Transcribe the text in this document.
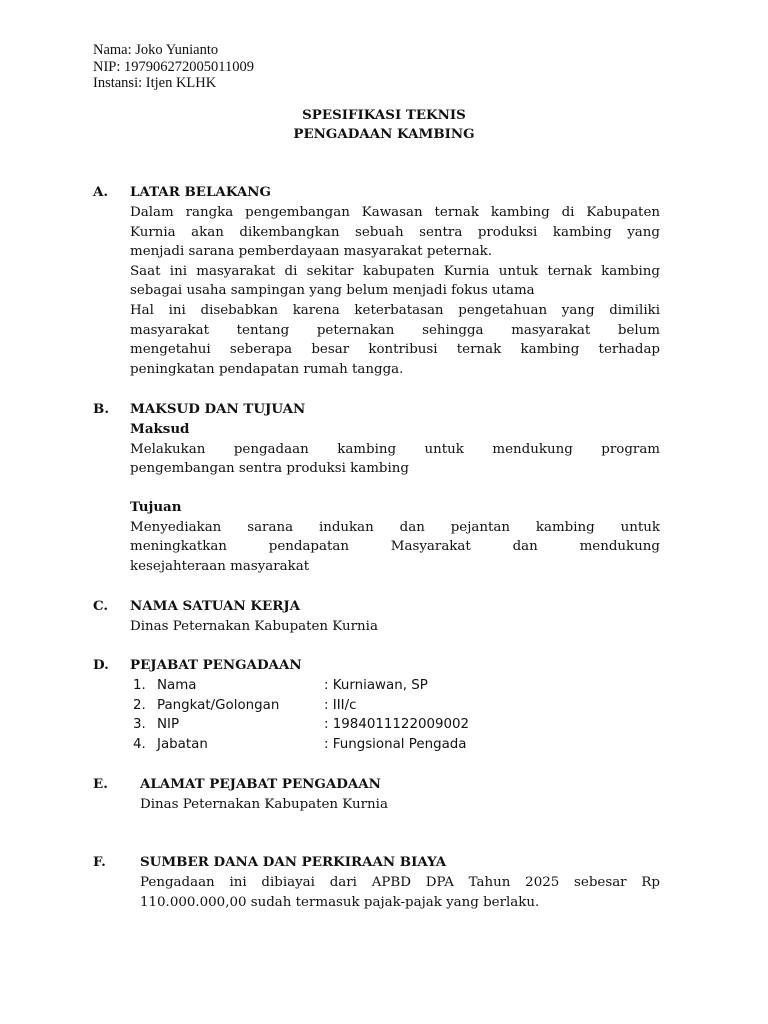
Nama: Joko Yunianto
NIP: 197906272005011009
Instansi: Itjen KLHK
SPESIFIKASI TEKNIS
PENGADAAN KAMBING
A. LATAR BELAKANG
Dalam rangka pengembangan Kawasan ternak kambing di Kabupaten
Kurnia akan dikembangkan sebuah sentra produksi kambing yang
menjadi sarana pemberdayaan masyarakat peternak.
Saat ini masyarakat di sekitar kabupaten Kurnia untuk ternak kambing
sebagai usaha sampingan yang belum menjadi fokus utama
Hal ini disebabkan karena keterbatasan pengetahuan yang dimiliki
masyarakat tentang peternakan sehingga masyarakat belum
mengetahui seberapa besar kontribusi ternak kambing terhadap
peningkatan pendapatan rumah tangga.
B. MAKSUD DAN TUJUAN
Maksud
Melakukan pengadaan kambing untuk mendukung program
pengembangan sentra produksi kambing
Tujuan
Menyediakan sarana indukan dan pejantan kambing untuk
meningkatkan pendapatan Masyarakat dan mendukung
kesejahteraan masyarakat
C. NAMA SATUAN KERJA
Dinas Peternakan Kabupaten Kurnia
D. PEJABAT PENGADAAN
1. Nama	: Kurniawan, SP
2. Pangkat/Golongan	: III/c
3. NIP	: 1984011122009002
4. Jabatan	: Fungsional Pengada
E. ALAMAT PEJABAT PENGADAAN
Dinas Peternakan Kabupaten Kurnia
F.	SUMBER DANA DAN PERKIRAAN BIAYA
Pengadaan ini dibiayai dari APBD DPA Tahun 2025 sebesar Rp
110.000.000,00 sudah termasuk pajak-pajak yang berlaku.
